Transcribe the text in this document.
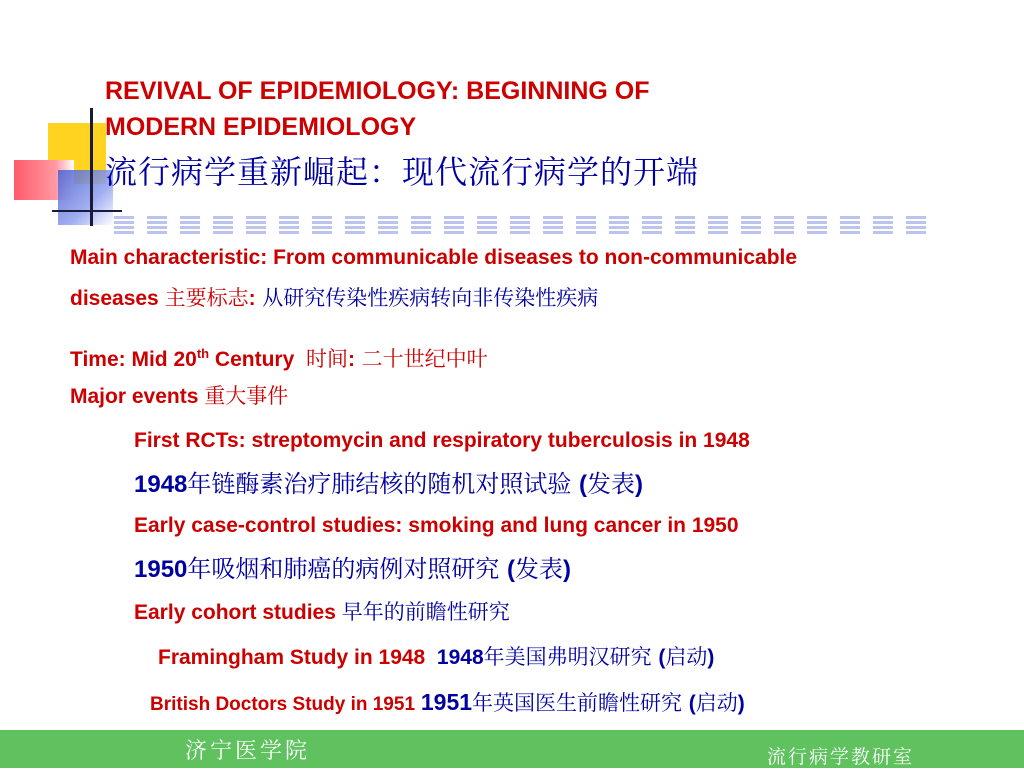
REVIVAL OF EPIDEMIOLOGY: BEGINNING OF

MODERN EPIDEMIOLOGY

流行病学重新崛起：现代流行病学的开端

Main characteristic: From communicable diseases to non-communicable

diseases 主要标志: 从研究传染性疾病转向非传染性疾病

Time: Mid 20th Century 时间: 二十世纪中叶

Major events 重大事件

First RCTs: streptomycin and respiratory tuberculosis in 1948

1948年链酶素治疗肺结核的随机对照试验 (发表)

Early case-control studies: smoking and lung cancer in 1950

1950年吸烟和肺癌的病例对照研究 (发表)

Early cohort studies 早年的前瞻性研究

Framingham Study in 1948 1948年美国弗明汉研究 (启动)

British Doctors Study in 1951 1951年英国医生前瞻性研究 (启动)

济宁医学院	流行病学教研室
